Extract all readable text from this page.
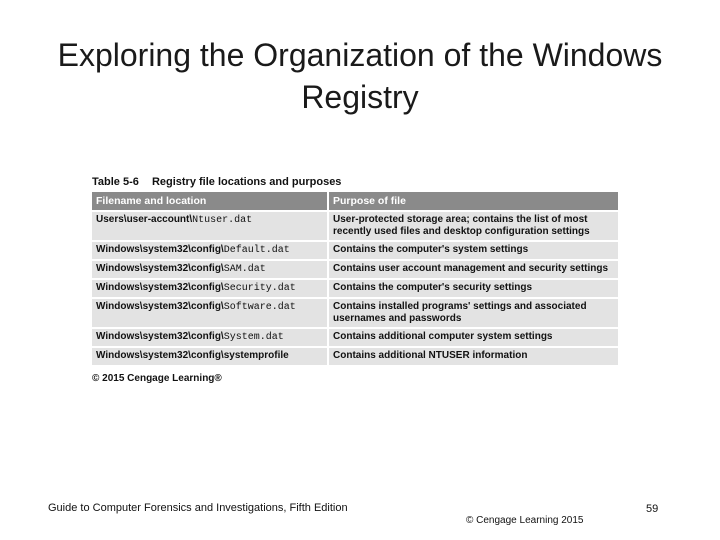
Exploring the Organization of the Windows Registry
Table 5-6 Registry file locations and purposes
Filename and location	Purpose of file
Users\user-account\Ntuser.dat	User-protected storage area; contains the list of most recently used files and desktop configuration settings
Windows\system32\config\Default.dat	Contains the computer's system settings
Windows\system32\config\SAM.dat	Contains user account management and security settings
Windows\system32\config\Security.dat	Contains the computer's security settings
Windows\system32\config\Software.dat	Contains installed programs' settings and associated usernames and passwords
Windows\system32\config\System.dat	Contains additional computer system settings
Windows\system32\config\systemprofile	Contains additional NTUSER information
© 2015 Cengage Learning®
Guide to Computer Forensics and Investigations, Fifth Edition
© Cengage Learning 2015
59
